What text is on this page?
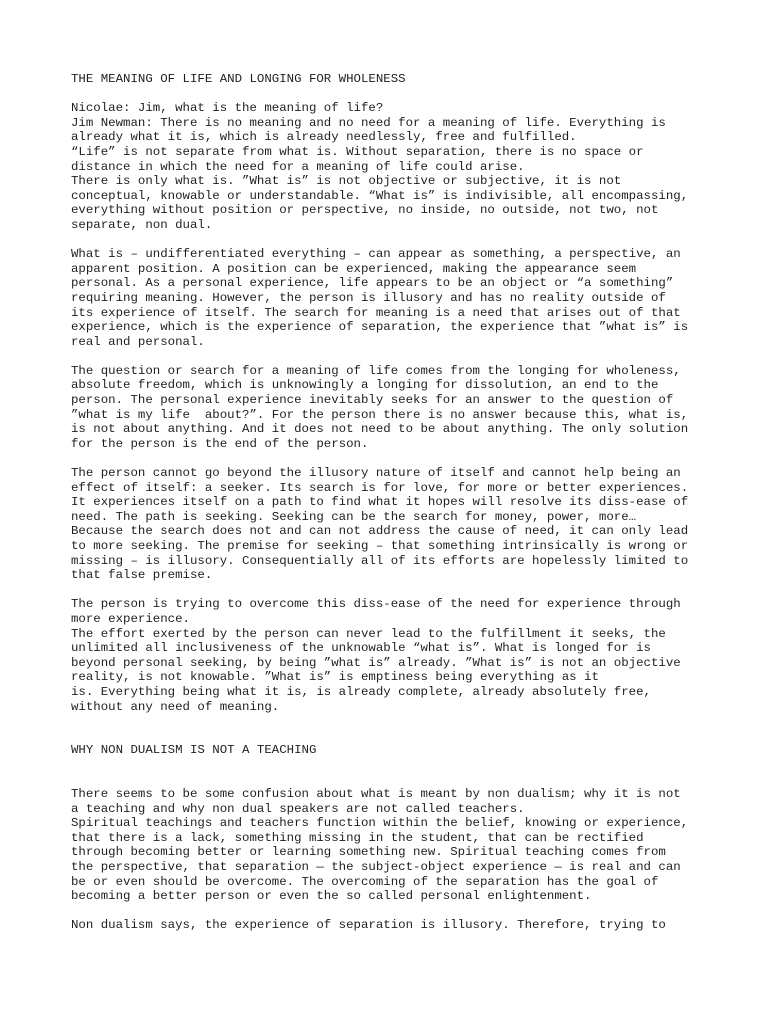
THE MEANING OF LIFE AND LONGING FOR WHOLENESS
Nicolae: Jim, what is the meaning of life?
Jim Newman: There is no meaning and no need for a meaning of life. Everything is
already what it is, which is already needlessly, free and fulfilled.
“Life” is not separate from what is. Without separation, there is no space or
distance in which the need for a meaning of life could arise.
There is only what is. ”What is” is not objective or subjective, it is not
conceptual, knowable or understandable. “What is” is indivisible, all encompassing,
everything without position or perspective, no inside, no outside, not two, not
separate, non dual.
What is – undifferentiated everything – can appear as something, a perspective, an
apparent position. A position can be experienced, making the appearance seem
personal. As a personal experience, life appears to be an object or “a something”
requiring meaning. However, the person is illusory and has no reality outside of
its experience of itself. The search for meaning is a need that arises out of that
experience, which is the experience of separation, the experience that ”what is” is
real and personal.
The question or search for a meaning of life comes from the longing for wholeness,
absolute freedom, which is unknowingly a longing for dissolution, an end to the
person. The personal experience inevitably seeks for an answer to the question of
”what is my life  about?”. For the person there is no answer because this, what is,
is not about anything. And it does not need to be about anything. The only solution
for the person is the end of the person.
The person cannot go beyond the illusory nature of itself and cannot help being an
effect of itself: a seeker. Its search is for love, for more or better experiences.
It experiences itself on a path to find what it hopes will resolve its diss-ease of
need. The path is seeking. Seeking can be the search for money, power, more…
Because the search does not and can not address the cause of need, it can only lead
to more seeking. The premise for seeking – that something intrinsically is wrong or
missing – is illusory. Consequentially all of its efforts are hopelessly limited to
that false premise.
The person is trying to overcome this diss-ease of the need for experience through
more experience.
The effort exerted by the person can never lead to the fulfillment it seeks, the
unlimited all inclusiveness of the unknowable “what is”. What is longed for is
beyond personal seeking, by being ”what is” already. ”What is” is not an objective
reality, is not knowable. ”What is” is emptiness being everything as it
is. Everything being what it is, is already complete, already absolutely free,
without any need of meaning.
WHY NON DUALISM IS NOT A TEACHING
There seems to be some confusion about what is meant by non dualism; why it is not
a teaching and why non dual speakers are not called teachers.
Spiritual teachings and teachers function within the belief, knowing or experience,
that there is a lack, something missing in the student, that can be rectified
through becoming better or learning something new. Spiritual teaching comes from
the perspective, that separation — the subject-object experience — is real and can
be or even should be overcome. The overcoming of the separation has the goal of
becoming a better person or even the so called personal enlightenment.
Non dualism says, the experience of separation is illusory. Therefore, trying to
